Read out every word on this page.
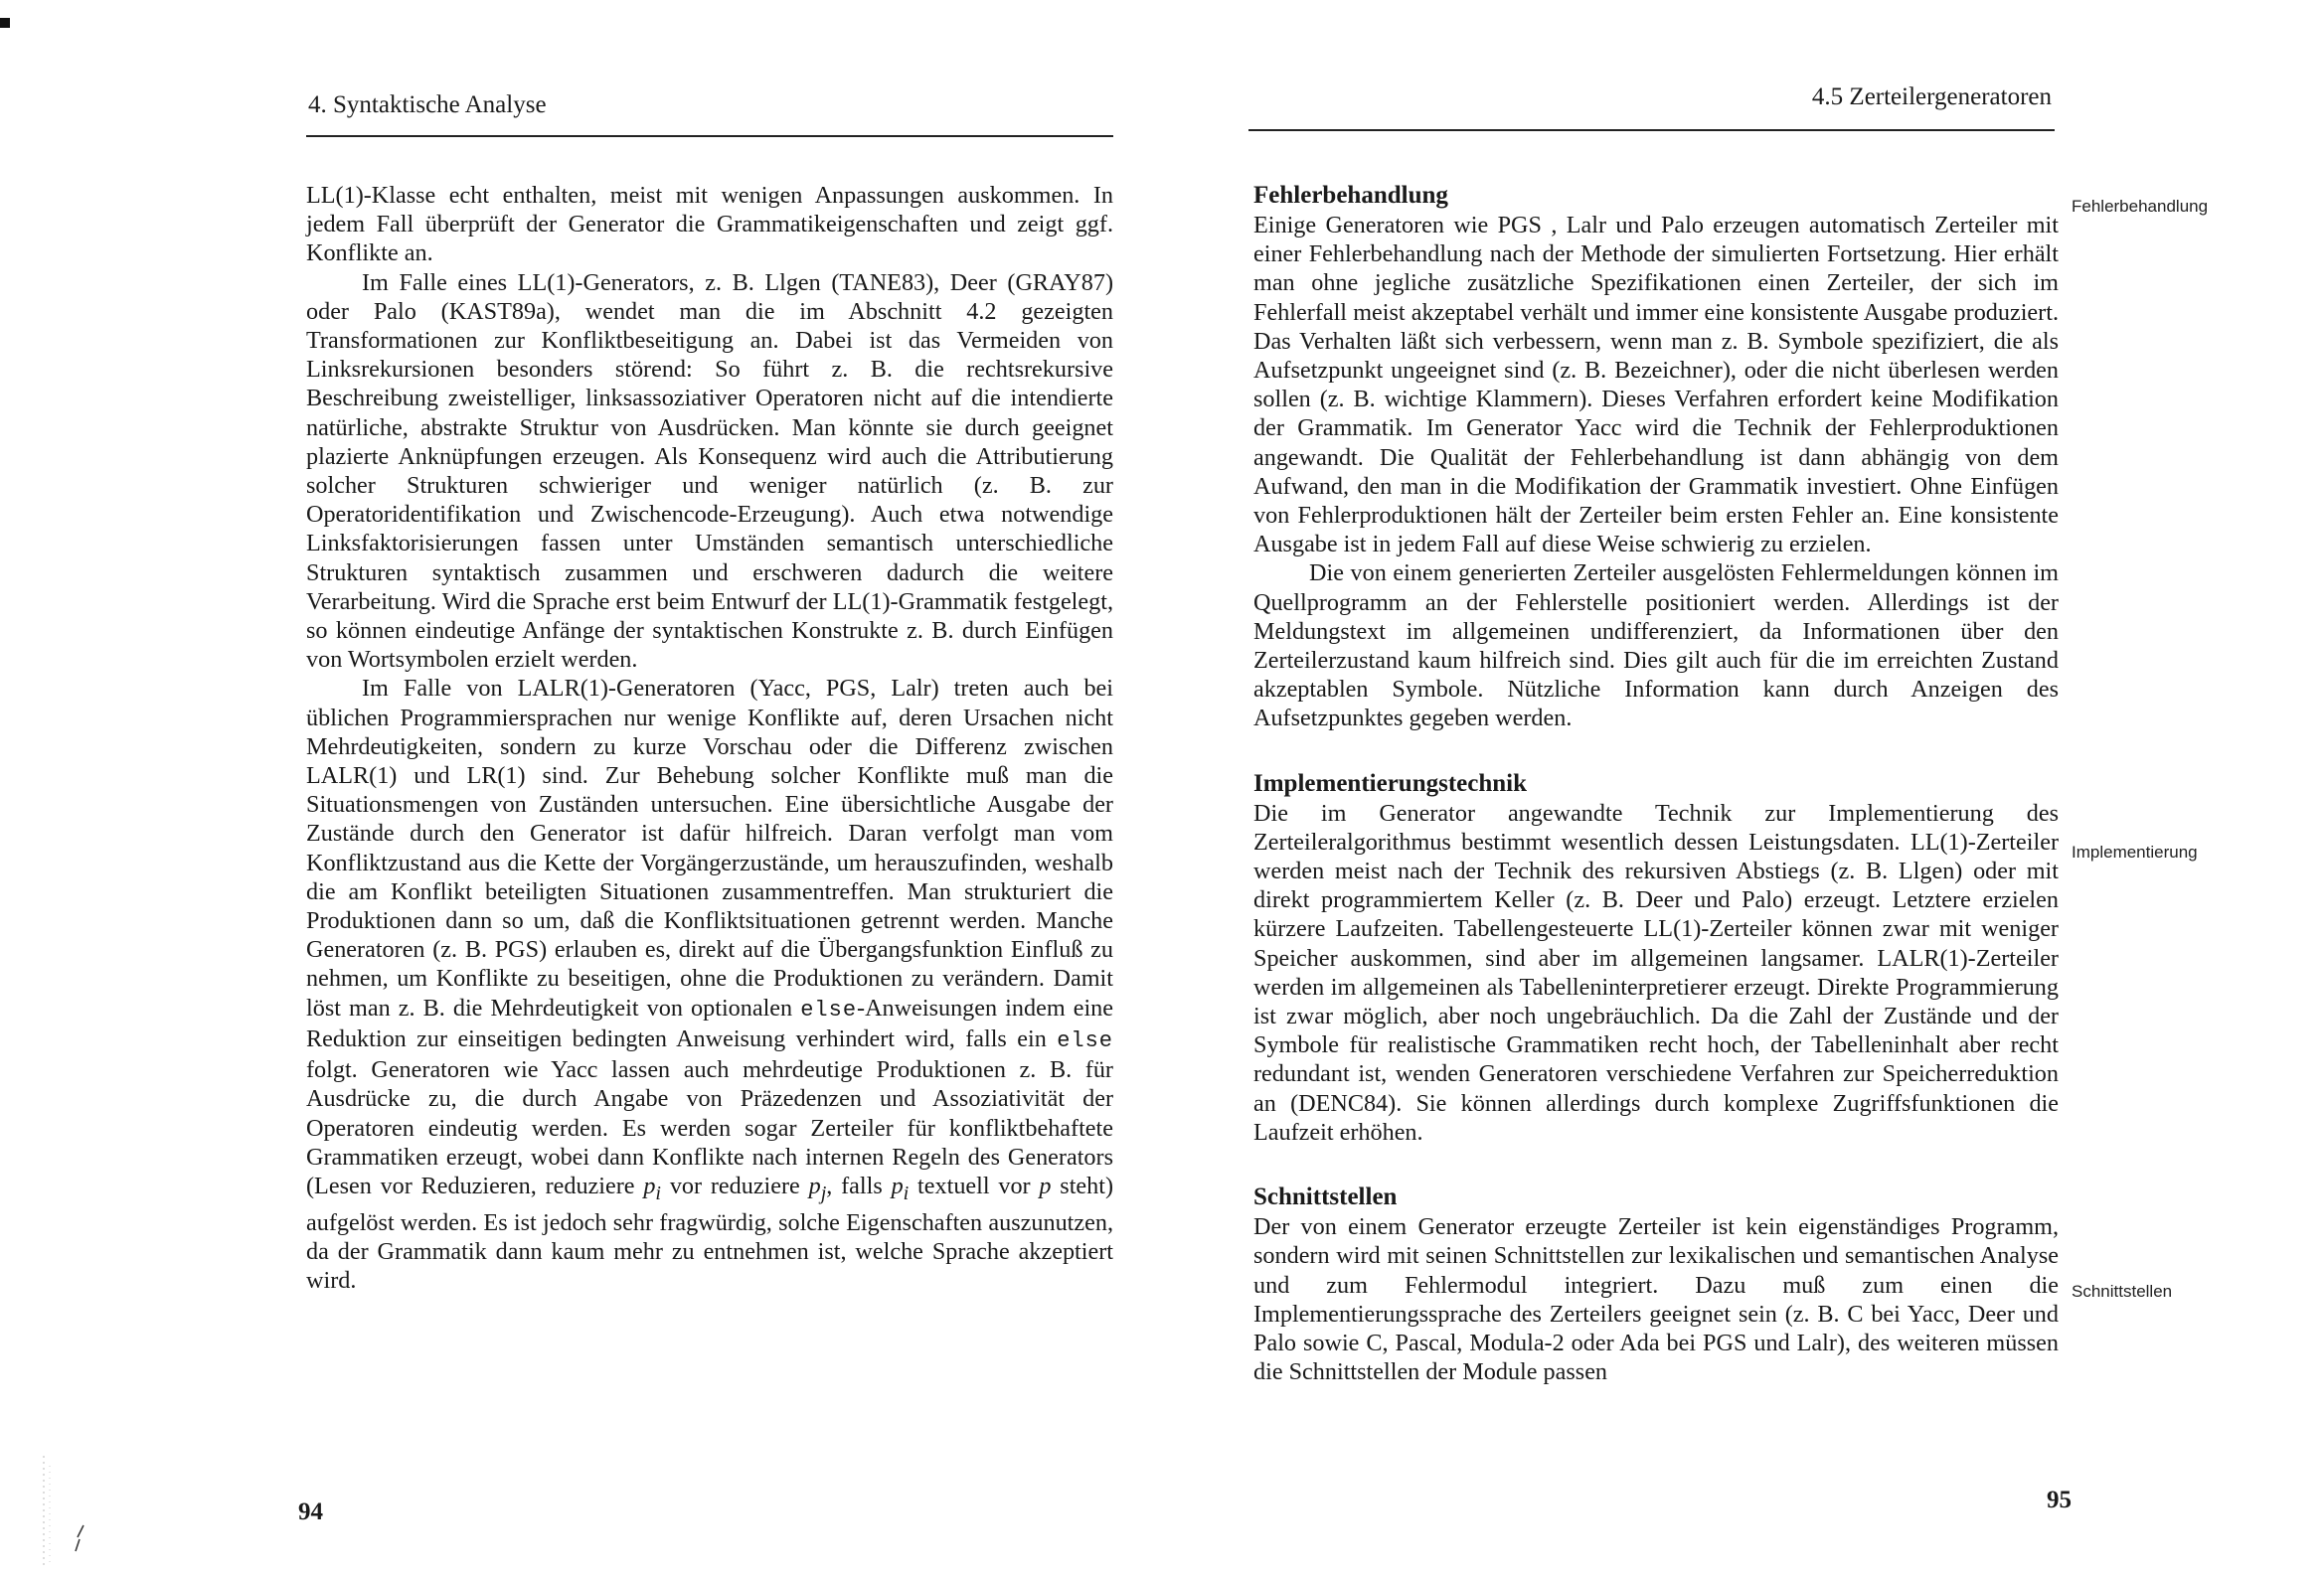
4. Syntaktische Analyse

LL(1)-Klasse echt enthalten, meist mit wenigen Anpassungen auskommen. In jedem Fall überprüft der Generator die Grammatikeigenschaften und zeigt ggf. Konflikte an.

Im Falle eines LL(1)-Generators, z. B. Llgen (TANE83), Deer (GRAY87) oder Palo (KAST89a), wendet man die im Abschnitt 4.2 gezeigten Transformationen zur Konfliktbeseitigung an. Dabei ist das Vermeiden von Linksrekursionen besonders störend: So führt z. B. die rechtsrekursive Beschreibung zweistelliger, linksassoziativer Operatoren nicht auf die intendierte natürliche, abstrakte Struktur von Ausdrücken. Man könnte sie durch geeignet plazierte Anknüpfungen erzeugen. Als Konsequenz wird auch die Attributierung solcher Strukturen schwieriger und weniger natürlich (z. B. zur Operatoridentifikation und Zwischencode-Erzeugung). Auch etwa notwendige Linksfaktorisierungen fassen unter Umständen semantisch unterschiedliche Strukturen syntaktisch zusammen und erschweren dadurch die weitere Verarbeitung. Wird die Sprache erst beim Entwurf der LL(1)-Grammatik festgelegt, so können eindeutige Anfänge der syntaktischen Konstrukte z. B. durch Einfügen von Wortsymbolen erzielt werden.

Im Falle von LALR(1)-Generatoren (Yacc, PGS, Lalr) treten auch bei üblichen Programmiersprachen nur wenige Konflikte auf, deren Ursachen nicht Mehrdeutigkeiten, sondern zu kurze Vorschau oder die Differenz zwischen LALR(1) und LR(1) sind. Zur Behebung solcher Konflikte muß man die Situationsmengen von Zuständen untersuchen. Eine übersichtliche Ausgabe der Zustände durch den Generator ist dafür hilfreich. Daran verfolgt man vom Konfliktzustand aus die Kette der Vorgängerzustände, um herauszufinden, weshalb die am Konflikt beteiligten Situationen zusammentreffen. Man strukturiert die Produktionen dann so um, daß die Konfliktsituationen getrennt werden. Manche Generatoren (z. B. PGS) erlauben es, direkt auf die Übergangsfunktion Einfluß zu nehmen, um Konflikte zu beseitigen, ohne die Produktionen zu verändern. Damit löst man z. B. die Mehrdeutigkeit von optionalen else-Anweisungen indem eine Reduktion zur einseitigen bedingten Anweisung verhindert wird, falls ein else folgt. Generatoren wie Yacc lassen auch mehrdeutige Produktionen z. B. für Ausdrücke zu, die durch Angabe von Präzedenzen und Assoziativität der Operatoren eindeutig werden. Es werden sogar Zerteiler für konfliktbehaftete Grammatiken erzeugt, wobei dann Konflikte nach internen Regeln des Generators (Lesen vor Reduzieren, reduziere $p_i$ vor reduziere $p_j$, falls $p_i$ textuell vor p steht) aufgelöst werden. Es ist jedoch sehr fragwürdig, solche Eigenschaften auszunutzen, da der Grammatik dann kaum mehr zu entnehmen ist, welche Sprache akzeptiert wird.

94
4.5 Zerteilergeneratoren
Fehlerbehandlung

Einige Generatoren wie PGS , Lalr und Palo erzeugen automatisch Zerteiler mit einer Fehlerbehandlung nach der Methode der simulierten Fortsetzung. Hier erhält man ohne jegliche zusätzliche Spezifikationen einen Zerteiler, der sich im Fehlerfall meist akzeptabel verhält und immer eine konsistente Ausgabe produziert. Das Verhalten läßt sich verbessern, wenn man z. B. Symbole spezifiziert, die als Aufsetzpunkt ungeeignet sind (z. B. Bezeichner), oder die nicht überlesen werden sollen (z. B. wichtige Klammern). Dieses Verfahren erfordert keine Modifikation der Grammatik. Im Generator Yacc wird die Technik der Fehlerproduktionen angewandt. Die Qualität der Fehlerbehandlung ist dann abhängig von dem Aufwand, den man in die Modifikation der Grammatik investiert. Ohne Einfügen von Fehlerproduktionen hält der Zerteiler beim ersten Fehler an. Eine konsistente Ausgabe ist in jedem Fall auf diese Weise schwierig zu erzielen.

Die von einem generierten Zerteiler ausgelösten Fehlermeldungen können im Quellprogramm an der Fehlerstelle positioniert werden. Allerdings ist der Meldungstext im allgemeinen undifferenziert, da Informationen über den Zerteilerzustand kaum hilfreich sind. Dies gilt auch für die im erreichten Zustand akzeptablen Symbole. Nützliche Information kann durch Anzeigen des Aufsetzpunktes gegeben werden.

Implementierungstechnik

Die im Generator angewandte Technik zur Implementierung des Zerteileralgorithmus bestimmt wesentlich dessen Leistungsdaten. LL(1)-Zerteiler werden meist nach der Technik des rekursiven Abstiegs (z. B. Llgen) oder mit direkt programmiertem Keller (z. B. Deer und Palo) erzeugt. Letztere erzielen kürzere Laufzeiten. Tabellengesteuerte LL(1)-Zerteiler können zwar mit weniger Speicher auskommen, sind aber im allgemeinen langsamer. LALR(1)-Zerteiler werden im allgemeinen als Tabelleninterpretierer erzeugt. Direkte Programmierung ist zwar möglich, aber noch ungebräuchlich. Da die Zahl der Zustände und der Symbole für realistische Grammatiken recht hoch, der Tabelleninhalt aber recht redundant ist, wenden Generatoren verschiedene Verfahren zur Speicherreduktion an (DENC84). Sie können allerdings durch komplexe Zugriffsfunktionen die Laufzeit erhöhen.

Schnittstellen

Der von einem Generator erzeugte Zerteiler ist kein eigenständiges Programm, sondern wird mit seinen Schnittstellen zur lexikalischen und semantischen Analyse und zum Fehlermodul integriert. Dazu muß zum einen die Implementierungssprache des Zerteilers geeignet sein (z. B. C bei Yacc, Deer und Palo sowie C, Pascal, Modula-2 oder Ada bei PGS und Lalr), des weiteren müssen die Schnittstellen der Module passen

Fehlerbehandlung
Implementierung
Schnittstellen
95
